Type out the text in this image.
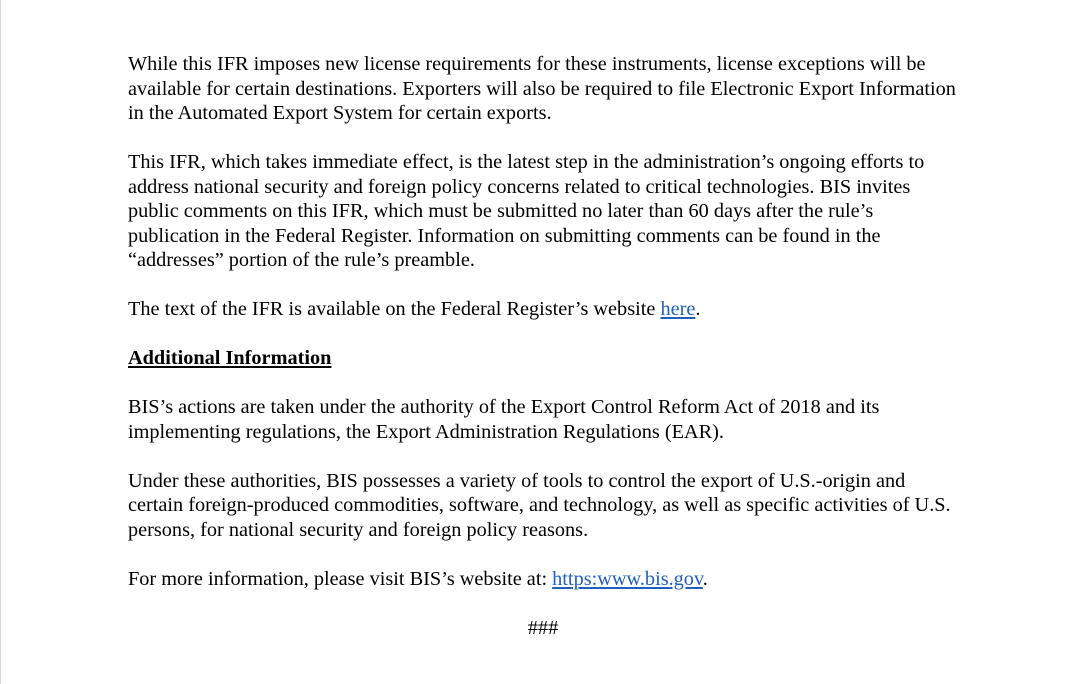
While this IFR imposes new license requirements for these instruments, license exceptions will be available for certain destinations. Exporters will also be required to file Electronic Export Information in the Automated Export System for certain exports.

This IFR, which takes immediate effect, is the latest step in the administration’s ongoing efforts to address national security and foreign policy concerns related to critical technologies. BIS invites public comments on this IFR, which must be submitted no later than 60 days after the rule’s publication in the Federal Register. Information on submitting comments can be found in the “addresses” portion of the rule’s preamble.

The text of the IFR is available on the Federal Register’s website here.

Additional Information

BIS’s actions are taken under the authority of the Export Control Reform Act of 2018 and its implementing regulations, the Export Administration Regulations (EAR).

Under these authorities, BIS possesses a variety of tools to control the export of U.S.-origin and certain foreign-produced commodities, software, and technology, as well as specific activities of U.S. persons, for national security and foreign policy reasons.

For more information, please visit BIS’s website at: https:www.bis.gov.

###
